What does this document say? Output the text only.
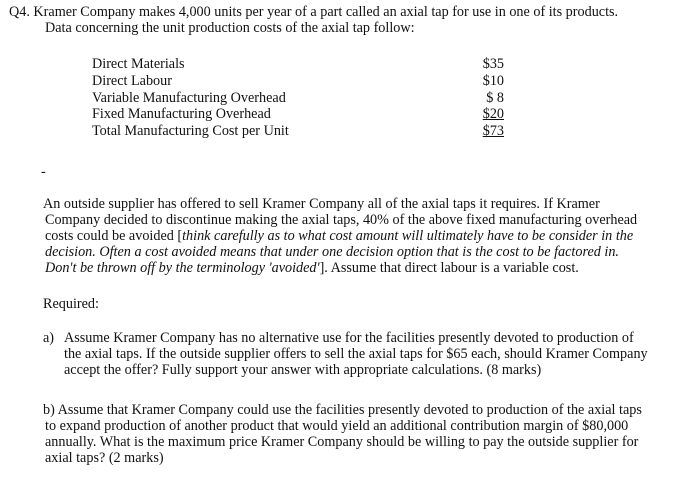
Q4. Kramer Company makes 4,000 units per year of a part called an axial tap for use in one of its products.
Data concerning the unit production costs of the axial tap follow:
Direct Materials	$35
Direct Labour	$10
Variable Manufacturing Overhead	$ 8
Fixed Manufacturing Overhead	$20
Total Manufacturing Cost per Unit	$73
-
An outside supplier has offered to sell Kramer Company all of the axial taps it requires. If Kramer
Company decided to discontinue making the axial taps, 40% of the above fixed manufacturing overhead
costs could be avoided [think carefully as to what cost amount will ultimately have to be consider in the
decision. Often a cost avoided means that under one decision option that is the cost to be factored in.
Don't be thrown off by the terminology 'avoided']. Assume that direct labour is a variable cost.
Required:
a) Assume Kramer Company has no alternative use for the facilities presently devoted to production of
the axial taps. If the outside supplier offers to sell the axial taps for $65 each, should Kramer Company
accept the offer? Fully support your answer with appropriate calculations. (8 marks)
b) Assume that Kramer Company could use the facilities presently devoted to production of the axial taps
to expand production of another product that would yield an additional contribution margin of $80,000
annually. What is the maximum price Kramer Company should be willing to pay the outside supplier for
axial taps? (2 marks)
